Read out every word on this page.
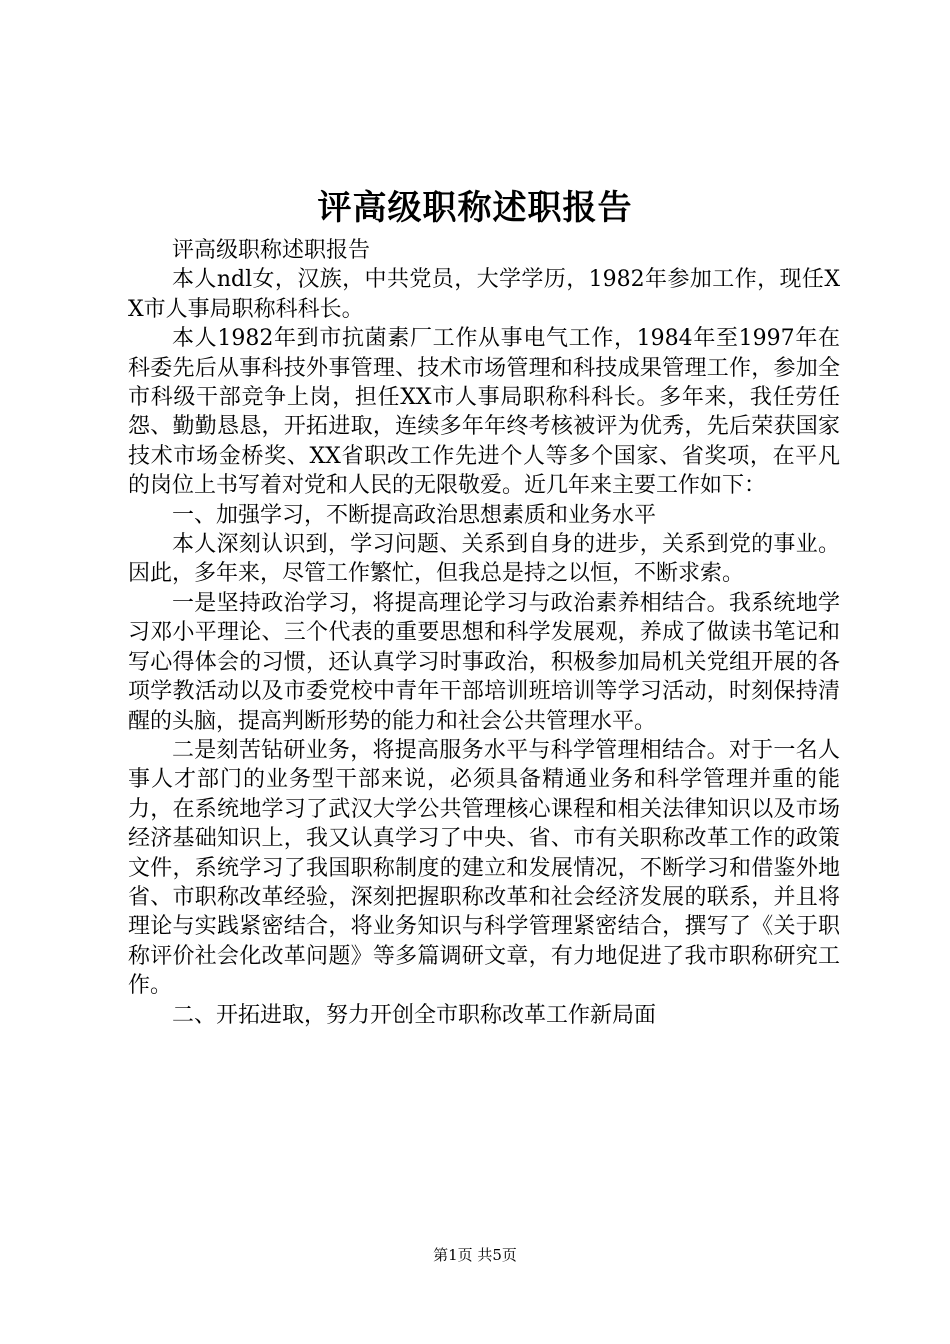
评高级职称述职报告

评高级职称述职报告

本人ndl女，汉族，中共党员，大学学历，1982年参加工作，现任XX市人事局职称科科长。

本人1982年到市抗菌素厂工作从事电气工作，1984年至1997年在科委先后从事科技外事管理、技术市场管理和科技成果管理工作，参加全市科级干部竞争上岗，担任XX市人事局职称科科长。多年来，我任劳任怨、勤勤恳恳，开拓进取，连续多年年终考核被评为优秀，先后荣获国家技术市场金桥奖、XX省职改工作先进个人等多个国家、省奖项，在平凡的岗位上书写着对党和人民的无限敬爱。近几年来主要工作如下：

一、加强学习，不断提高政治思想素质和业务水平

本人深刻认识到，学习问题、关系到自身的进步，关系到党的事业。因此，多年来，尽管工作繁忙，但我总是持之以恒，不断求索。

一是坚持政治学习，将提高理论学习与政治素养相结合。我系统地学习邓小平理论、三个代表的重要思想和科学发展观，养成了做读书笔记和写心得体会的习惯，还认真学习时事政治，积极参加局机关党组开展的各项学教活动以及市委党校中青年干部培训班培训等学习活动，时刻保持清醒的头脑，提高判断形势的能力和社会公共管理水平。

二是刻苦钻研业务，将提高服务水平与科学管理相结合。对于一名人事人才部门的业务型干部来说，必须具备精通业务和科学管理并重的能力，在系统地学习了武汉大学公共管理核心课程和相关法律知识以及市场经济基础知识上，我又认真学习了中央、省、市有关职称改革工作的政策文件，系统学习了我国职称制度的建立和发展情况，不断学习和借鉴外地省、市职称改革经验，深刻把握职称改革和社会经济发展的联系，并且将理论与实践紧密结合，将业务知识与科学管理紧密结合，撰写了《关于职称评价社会化改革问题》等多篇调研文章，有力地促进了我市职称研究工作。

二、开拓进取，努力开创全市职称改革工作新局面

第1页 共5页
